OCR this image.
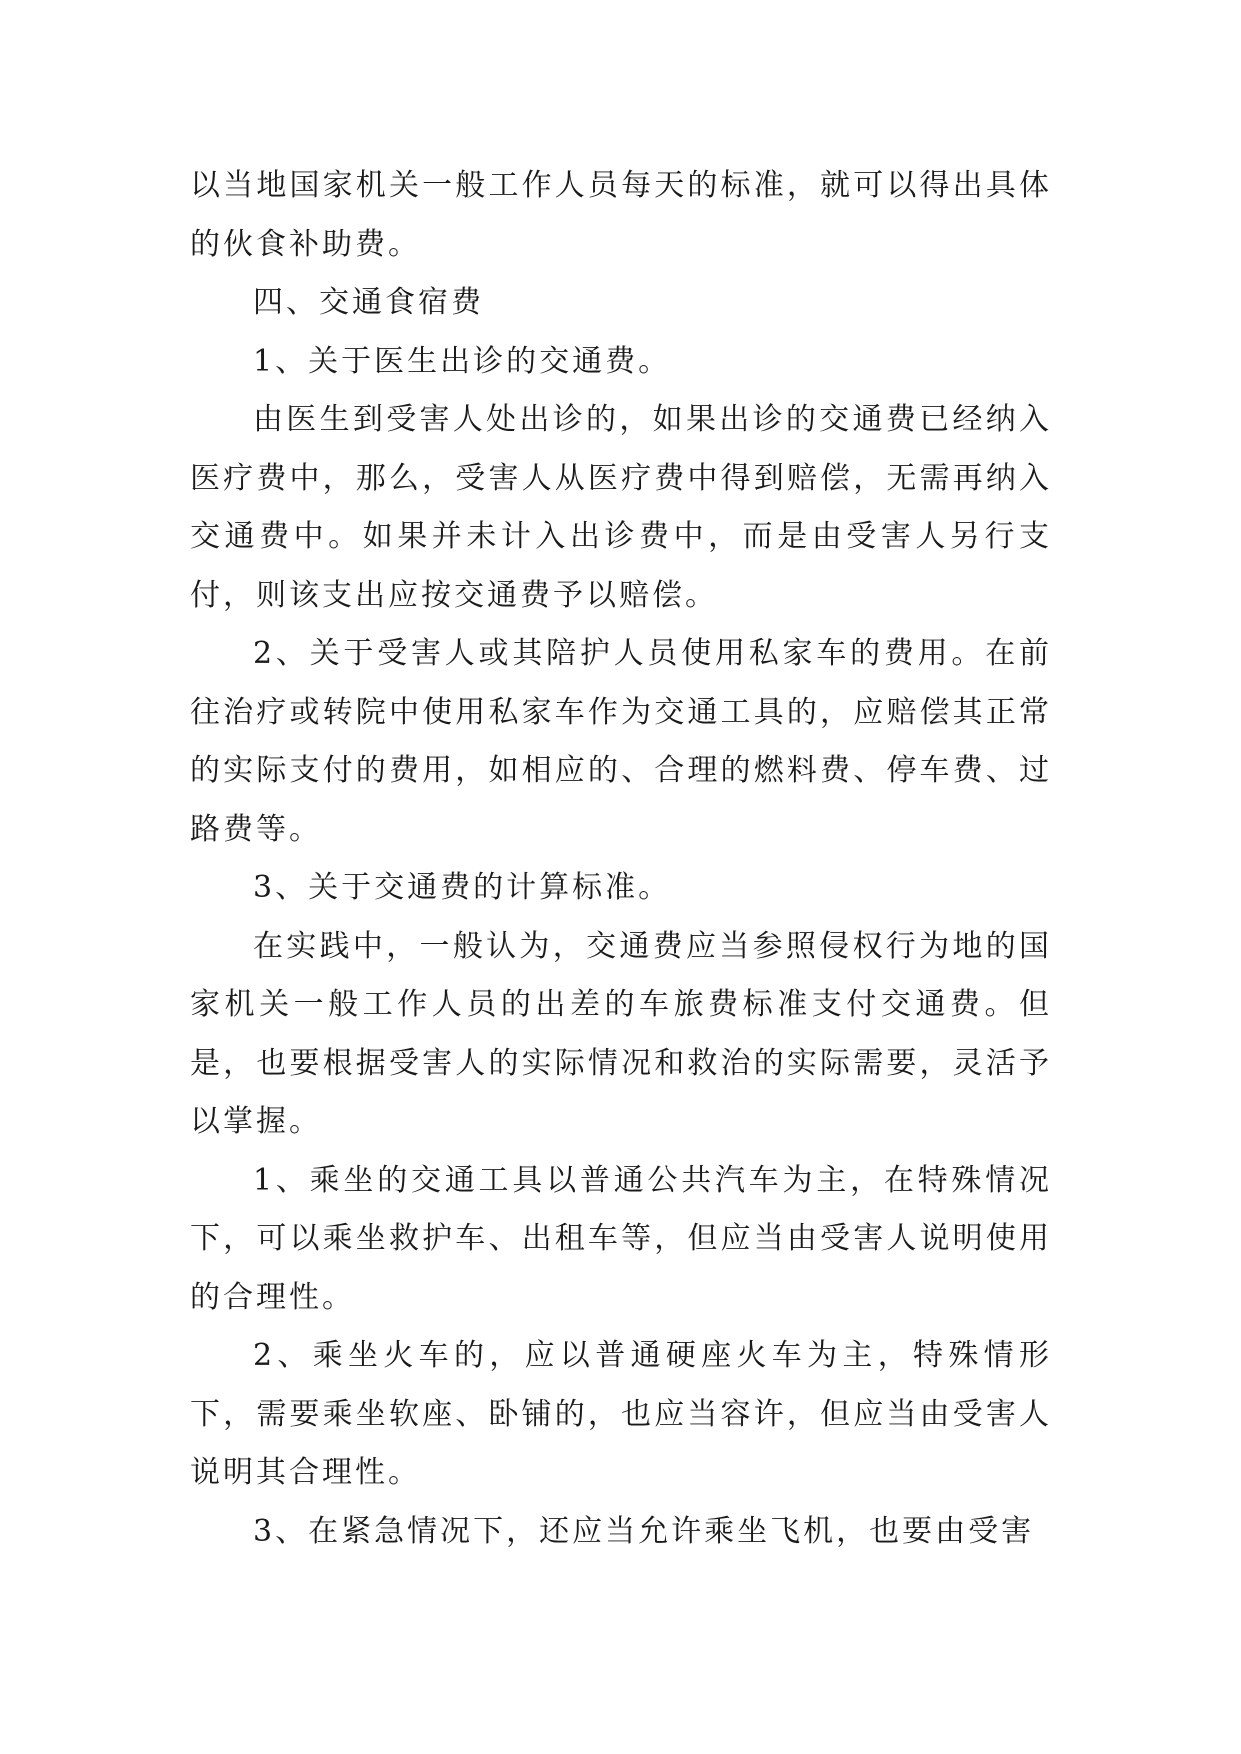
以当地国家机关一般工作人员每天的标准，就可以得出具体的伙食补助费。

四、交通食宿费

1、关于医生出诊的交通费。

由医生到受害人处出诊的，如果出诊的交通费已经纳入医疗费中，那么，受害人从医疗费中得到赔偿，无需再纳入交通费中。如果并未计入出诊费中，而是由受害人另行支付，则该支出应按交通费予以赔偿。

2、关于受害人或其陪护人员使用私家车的费用。在前往治疗或转院中使用私家车作为交通工具的，应赔偿其正常的实际支付的费用，如相应的、合理的燃料费、停车费、过路费等。

3、关于交通费的计算标准。

在实践中，一般认为，交通费应当参照侵权行为地的国家机关一般工作人员的出差的车旅费标准支付交通费。但是，也要根据受害人的实际情况和救治的实际需要，灵活予以掌握。

1、乘坐的交通工具以普通公共汽车为主，在特殊情况下，可以乘坐救护车、出租车等，但应当由受害人说明使用的合理性。

2、乘坐火车的，应以普通硬座火车为主，特殊情形下，需要乘坐软座、卧铺的，也应当容许，但应当由受害人说明其合理性。

3、在紧急情况下，还应当允许乘坐飞机，也要由受害
